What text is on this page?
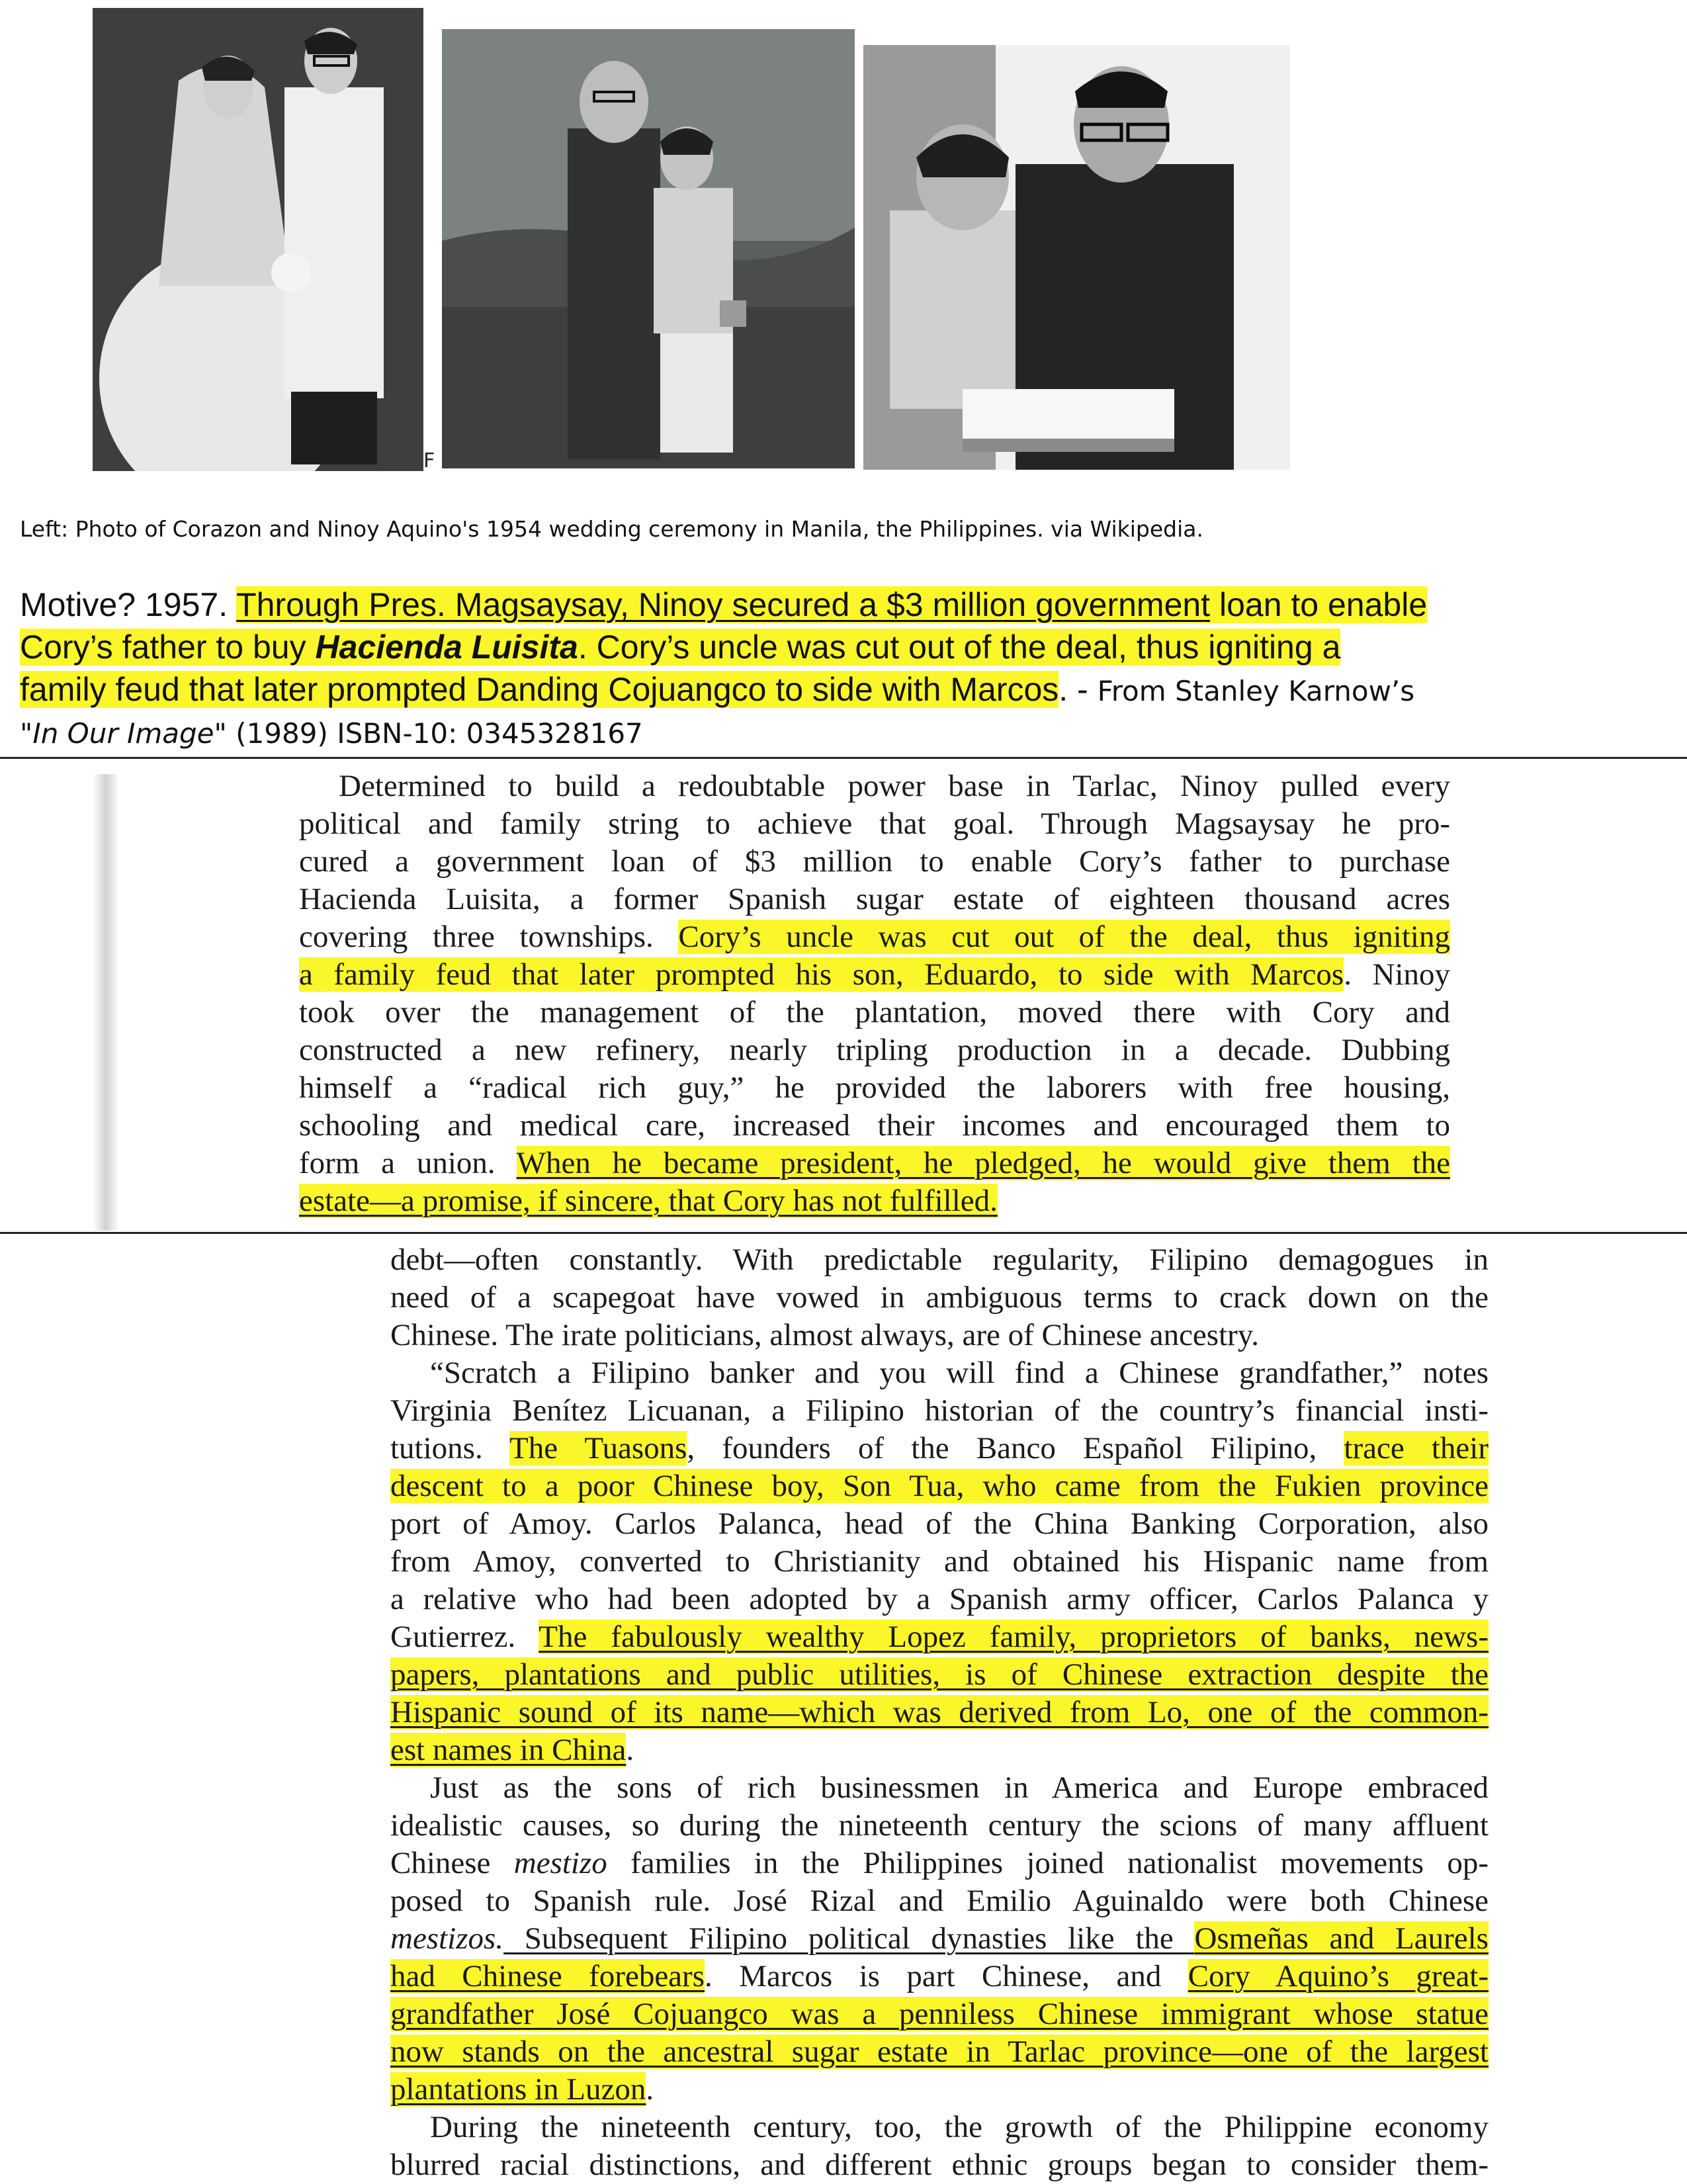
F
Left: Photo of Corazon and Ninoy Aquino's 1954 wedding ceremony in Manila, the Philippines. via Wikipedia.
Motive? 1957. Through Pres. Magsaysay, Ninoy secured a $3 million government loan to enable
Cory’s father to buy Hacienda Luisita. Cory’s uncle was cut out of the deal, thus igniting a
family feud that later prompted Danding Cojuangco to side with Marcos. - From Stanley Karnow’s
"In Our Image" (1989) ISBN-10: 0345328167
Determined to build a redoubtable power base in Tarlac, Ninoy pulled every
political and family string to achieve that goal. Through Magsaysay he pro-
cured a government loan of $3 million to enable Cory’s father to purchase
Hacienda Luisita, a former Spanish sugar estate of eighteen thousand acres
covering three townships. Cory’s uncle was cut out of the deal, thus igniting
a family feud that later prompted his son, Eduardo, to side with Marcos. Ninoy
took over the management of the plantation, moved there with Cory and
constructed a new refinery, nearly tripling production in a decade. Dubbing
himself a “radical rich guy,” he provided the laborers with free housing,
schooling and medical care, increased their incomes and encouraged them to
form a union. When he became president, he pledged, he would give them the
estate—a promise, if sincere, that Cory has not fulfilled.
debt—often constantly. With predictable regularity, Filipino demagogues in
need of a scapegoat have vowed in ambiguous terms to crack down on the
Chinese. The irate politicians, almost always, are of Chinese ancestry.
“Scratch a Filipino banker and you will find a Chinese grandfather,” notes
Virginia Benítez Licuanan, a Filipino historian of the country’s financial insti-
tutions. The Tuasons, founders of the Banco Español Filipino, trace their
descent to a poor Chinese boy, Son Tua, who came from the Fukien province
port of Amoy. Carlos Palanca, head of the China Banking Corporation, also
from Amoy, converted to Christianity and obtained his Hispanic name from
a relative who had been adopted by a Spanish army officer, Carlos Palanca y
Gutierrez. The fabulously wealthy Lopez family, proprietors of banks, news-
papers, plantations and public utilities, is of Chinese extraction despite the
Hispanic sound of its name—which was derived from Lo, one of the common-
est names in China.
Just as the sons of rich businessmen in America and Europe embraced
idealistic causes, so during the nineteenth century the scions of many affluent
Chinese mestizo families in the Philippines joined nationalist movements op-
posed to Spanish rule. José Rizal and Emilio Aguinaldo were both Chinese
mestizos. Subsequent Filipino political dynasties like the Osmeñas and Laurels
had Chinese forebears. Marcos is part Chinese, and Cory Aquino’s great-
grandfather José Cojuangco was a penniless Chinese immigrant whose statue
now stands on the ancestral sugar estate in Tarlac province—one of the largest
plantations in Luzon.
During the nineteenth century, too, the growth of the Philippine economy
blurred racial distinctions, and different ethnic groups began to consider them-
